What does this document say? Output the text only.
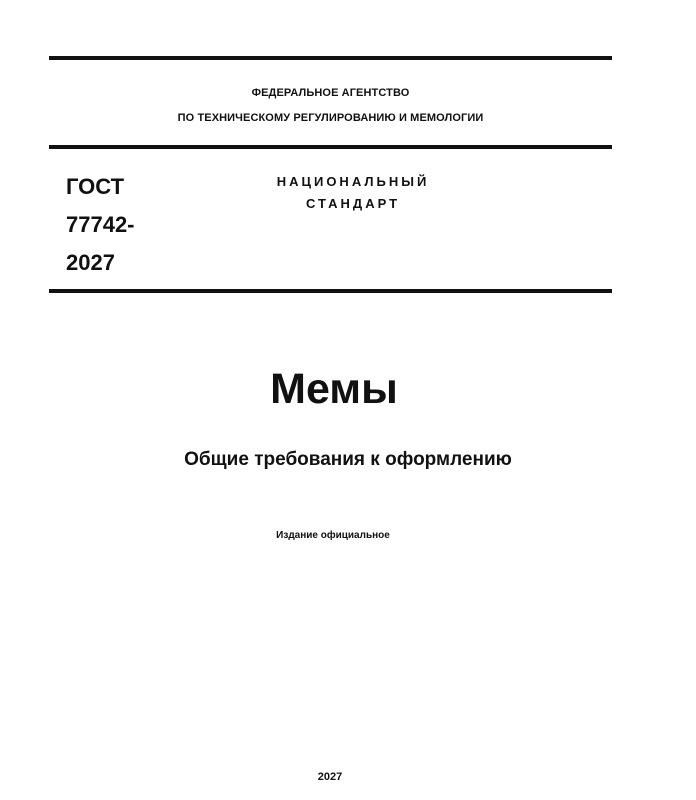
ФЕДЕРАЛЬНОЕ АГЕНТСТВО
ПО ТЕХНИЧЕСКОМУ РЕГУЛИРОВАНИЮ И МЕМОЛОГИИ
ГОСТ
77742-
2027
НАЦИОНАЛЬНЫЙ
СТАНДАРТ
Мемы
Общие требования к оформлению
Издание официальное
2027
